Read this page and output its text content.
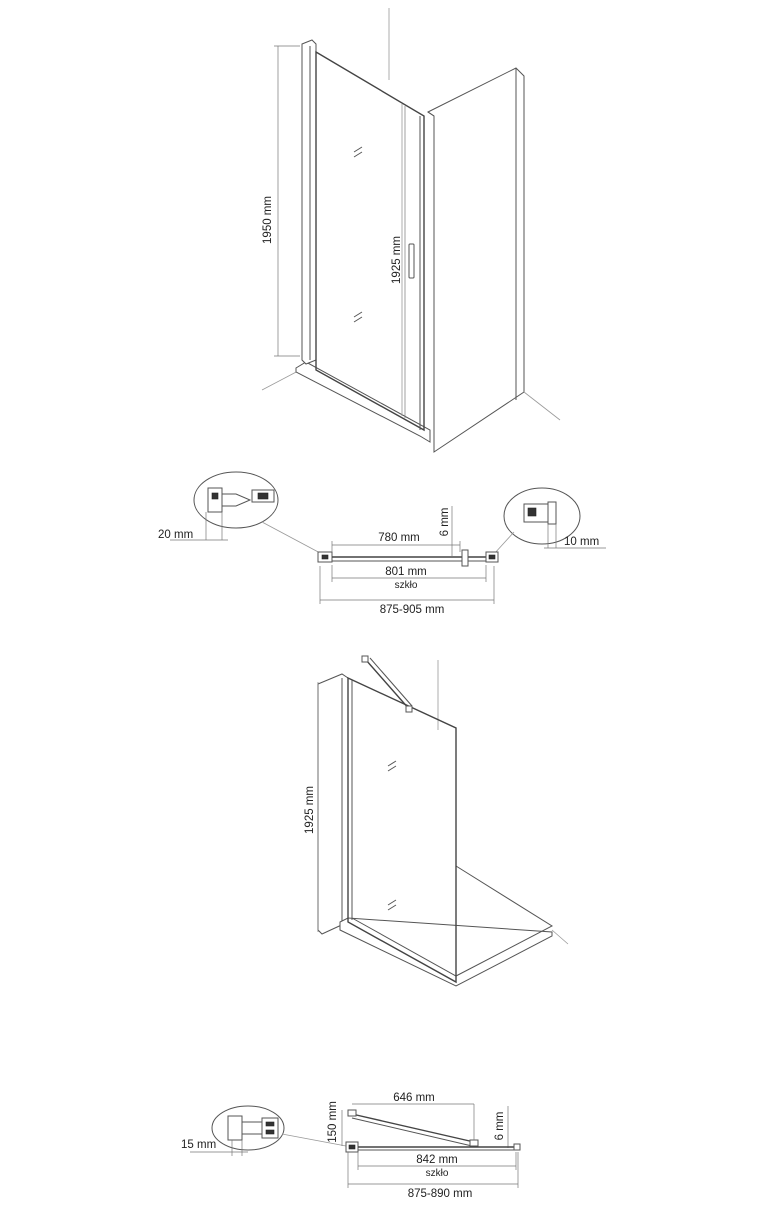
1950 mm
1925 mm
20 mm
10 mm
780 mm
6 mm
801 mm
szkło
875-905 mm
1925 mm
15 mm
646 mm
150 mm	6 mm
842 mm
szkło
875-890 mm
